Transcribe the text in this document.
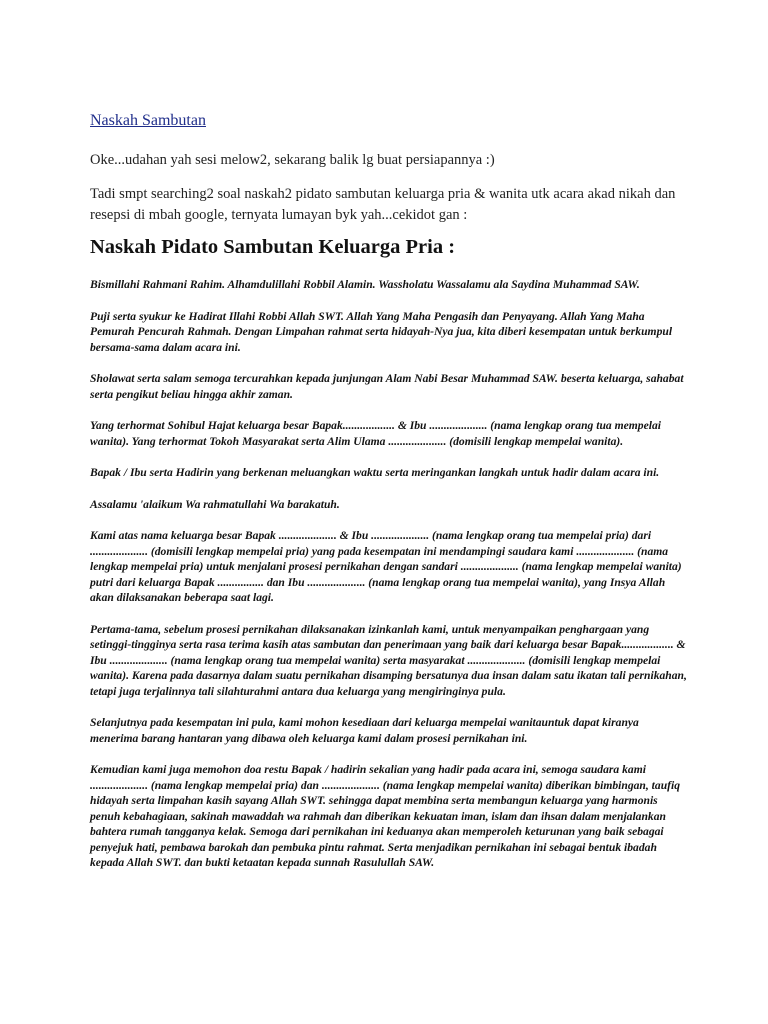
Naskah Sambutan

Oke...udahan yah sesi melow2, sekarang balik lg buat persiapannya :)

Tadi smpt searching2 soal naskah2 pidato sambutan keluarga pria & wanita utk acara akad nikah dan resepsi di mbah google, ternyata lumayan byk yah...cekidot gan :

Naskah Pidato Sambutan Keluarga Pria :

Bismillahi Rahmani Rahim. Alhamdulillahi Robbil Alamin. Wassholatu Wassalamu ala Saydina Muhammad SAW.

Puji serta syukur ke Hadirat Illahi Robbi Allah SWT. Allah Yang Maha Pengasih dan Penyayang. Allah Yang Maha Pemurah Pencurah Rahmah. Dengan Limpahan rahmat serta hidayah-Nya jua, kita diberi kesempatan untuk berkumpul bersama-sama dalam acara ini.

Sholawat serta salam semoga tercurahkan kepada junjungan Alam Nabi Besar Muhammad SAW. beserta keluarga, sahabat serta pengikut beliau hingga akhir zaman.

Yang terhormat Sohibul Hajat keluarga besar Bapak.................. & Ibu .................... (nama lengkap orang tua mempelai wanita). Yang terhormat Tokoh Masyarakat serta Alim Ulama .................... (domisili lengkap mempelai wanita).

Bapak / Ibu serta Hadirin yang berkenan meluangkan waktu serta meringankan langkah untuk hadir dalam acara ini.

Assalamu 'alaikum Wa rahmatullahi Wa barakatuh.

Kami atas nama keluarga besar Bapak .................... & Ibu .................... (nama lengkap orang tua mempelai pria) dari .................... (domisili lengkap mempelai pria) yang pada kesempatan ini mendampingi saudara kami .................... (nama lengkap mempelai pria) untuk menjalani prosesi pernikahan dengan sandari .................... (nama lengkap mempelai wanita) putri dari keluarga Bapak ................ dan Ibu .................... (nama lengkap orang tua mempelai wanita), yang Insya Allah akan dilaksanakan beberapa saat lagi.

Pertama-tama, sebelum prosesi pernikahan dilaksanakan izinkanlah kami, untuk menyampaikan penghargaan yang setinggi-tingginya serta rasa terima kasih atas sambutan dan penerimaan yang baik dari keluarga besar Bapak.................. & Ibu .................... (nama lengkap orang tua mempelai wanita) serta masyarakat .................... (domisili lengkap mempelai wanita). Karena pada dasarnya dalam suatu pernikahan disamping bersatunya dua insan dalam satu ikatan tali pernikahan, tetapi juga terjalinnya tali silahturahmi antara dua keluarga yang mengiringinya pula.

Selanjutnya pada kesempatan ini pula, kami mohon kesediaan dari keluarga mempelai wanitauntuk dapat kiranya menerima barang hantaran yang dibawa oleh keluarga kami dalam prosesi pernikahan ini.

Kemudian kami juga memohon doa restu Bapak / hadirin sekalian yang hadir pada acara ini, semoga saudara kami .................... (nama lengkap mempelai pria) dan .................... (nama lengkap mempelai wanita) diberikan bimbingan, taufiq hidayah serta limpahan kasih sayang Allah SWT. sehingga dapat membina serta membangun keluarga yang harmonis penuh kebahagiaan, sakinah mawaddah wa rahmah dan diberikan kekuatan iman, islam dan ihsan dalam menjalankan bahtera rumah tangganya kelak. Semoga dari pernikahan ini keduanya akan memperoleh keturunan yang baik sebagai penyejuk hati, pembawa barokah dan pembuka pintu rahmat. Serta menjadikan pernikahan ini sebagai bentuk ibadah kepada Allah SWT. dan bukti ketaatan kepada sunnah Rasulullah SAW.
